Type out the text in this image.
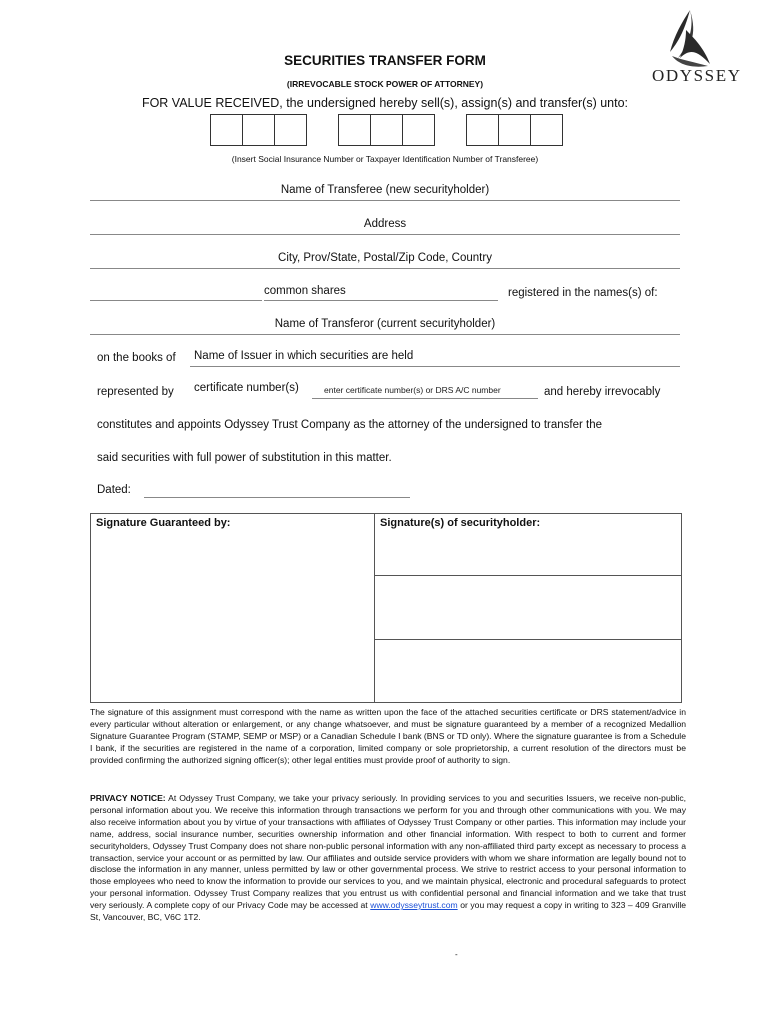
ODYSSEY
SECURITIES TRANSFER FORM
(IRREVOCABLE STOCK POWER OF ATTORNEY)
FOR VALUE RECEIVED, the undersigned hereby sell(s), assign(s) and transfer(s) unto:
(Insert Social Insurance Number or Taxpayer Identification Number of Transferee)
Name of Transferee (new securityholder)
Address
City, Prov/State, Postal/Zip Code, Country
common shares	registered in the names(s) of:
Name of Transferor (current securityholder)
on the books of Name of Issuer in which securities are held
represented by certificate number(s)	enter certificate number(s) or DRS A/C number	and hereby irrevocably
constitutes and appoints Odyssey Trust Company as the attorney of the undersigned to transfer the
said securities with full power of substitution in this matter.
Dated:
Signature Guaranteed by:	Signature(s) of securityholder:
The signature of this assignment must correspond with the name as written upon the face of the attached securities certificate or DRS statement/advice in every particular without alteration or enlargement, or any change whatsoever, and must be signature guaranteed by a member of a recognized Medallion Signature Guarantee Program (STAMP, SEMP or MSP) or a Canadian Schedule I bank (BNS or TD only). Where the signature guarantee is from a Schedule I bank, if the securities are registered in the name of a corporation, limited company or sole proprietorship, a current resolution of the directors must be provided confirming the authorized signing officer(s); other legal entities must provide proof of authority to sign.
PRIVACY NOTICE: At Odyssey Trust Company, we take your privacy seriously. In providing services to you and securities Issuers, we receive non-public, personal information about you. We receive this information through transactions we perform for you and through other communications with you. We may also receive information about you by virtue of your transactions with affiliates of Odyssey Trust Company or other parties. This information may include your name, address, social insurance number, securities ownership information and other financial information. With respect to both to current and former securityholders, Odyssey Trust Company does not share non-public personal information with any non-affiliated third party except as necessary to process a transaction, service your account or as permitted by law. Our affiliates and outside service providers with whom we share information are legally bound not to disclose the information in any manner, unless permitted by law or other governmental process. We strive to restrict access to your personal information to those employees who need to know the information to provide our services to you, and we maintain physical, electronic and procedural safeguards to protect your personal information. Odyssey Trust Company realizes that you entrust us with confidential personal and financial information and we take that trust very seriously. A complete copy of our Privacy Code may be accessed at www.odysseytrust.com or you may request a copy in writing to 323 – 409 Granville St, Vancouver, BC, V6C 1T2.
-
